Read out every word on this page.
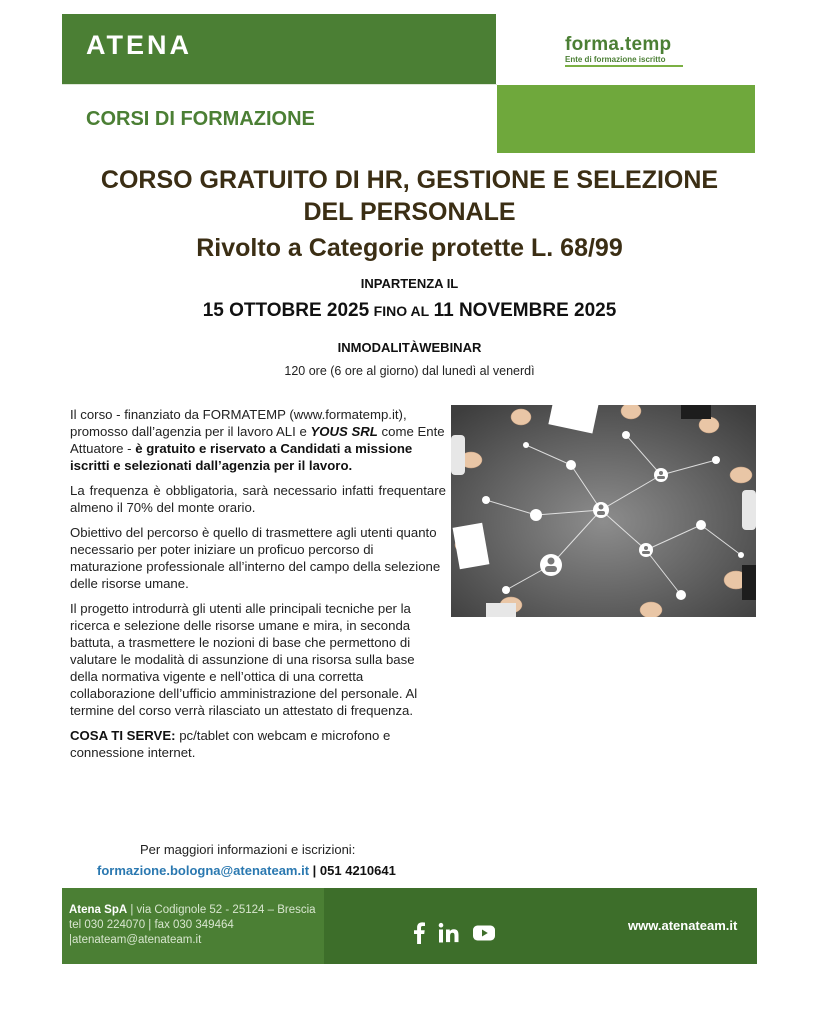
ATENA	forma.temp
Ente di formazione iscritto
CORSI DI FORMAZIONE
CORSO GRATUITO DI HR, GESTIONE E SELEZIONE
DEL PERSONALE
Rivolto a Categorie protette L. 68/99
INPARTENZA IL
15 OTTOBRE 2025 FINO AL 11 NOVEMBRE 2025
INMODALITÀWEBINAR
120 ore (6 ore al giorno) dal lunedì al venerdì

Il corso - finanziato da FORMATEMP (www.formatemp.it), promosso dall’agenzia per il lavoro ALI e YOUS SRL come Ente Attuatore - è gratuito e riservato a Candidati a missione iscritti e selezionati dall’agenzia per il lavoro.

La frequenza è obbligatoria, sarà necessario infatti frequentare almeno il 70% del monte orario.

Obiettivo del percorso è quello di trasmettere agli utenti quanto necessario per poter iniziare un proficuo percorso di maturazione professionale all’interno del campo della selezione delle risorse umane.

Il progetto introdurrà gli utenti alle principali tecniche per la ricerca e selezione delle risorse umane e mira, in seconda battuta, a trasmettere le nozioni di base che permettono di valutare le modalità di assunzione di una risorsa sulla base della normativa vigente e nell’ottica di una corretta collaborazione dell’ufficio amministrazione del personale. Al termine del corso verrà rilasciato un attestato di frequenza.

COSA TI SERVE: pc/tablet con webcam e microfono e connessione internet.

Per maggiori informazioni e iscrizioni:
formazione.bologna@atenateam.it | 051 4210641
Atena SpA | via Codignole 52 - 25124 – Brescia tel 030 224070 | fax 030 349464 |atenateam@atenateam.it
www.atenateam.it
